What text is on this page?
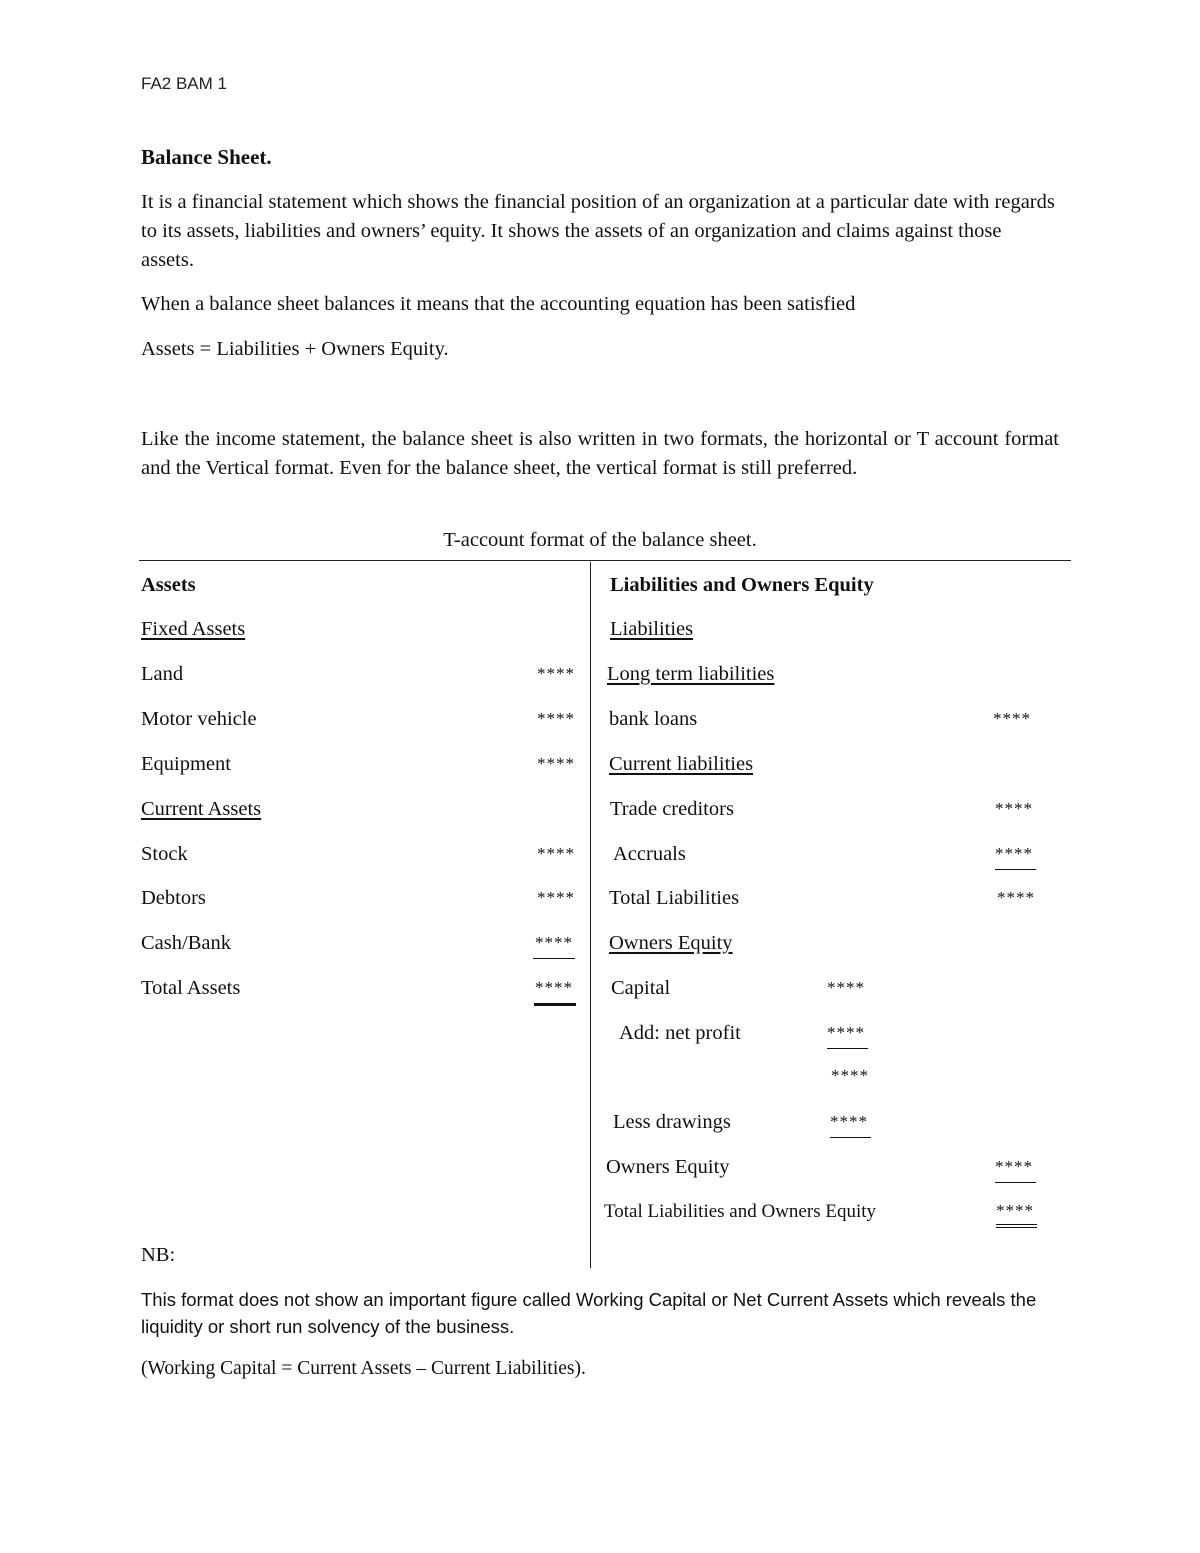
FA2 BAM 1
Balance Sheet.
It is a financial statement which shows the financial position of an organization at a particular date with regards to its assets, liabilities and owners’ equity. It shows the assets of an organization and claims against those assets.
When a balance sheet balances it means that the accounting equation has been satisfied
Assets = Liabilities + Owners Equity.
Like the income statement, the balance sheet is also written in two formats, the horizontal or T account format and the Vertical format. Even for the balance sheet, the vertical format is still preferred.
T-account format of the balance sheet.
Assets
Fixed Assets
Land	****
Motor vehicle	****
Equipment	****
Current Assets
Stock	****
Debtors	****
Cash/Bank	****
Total Assets	****
Liabilities and Owners Equity
Liabilities
Long term liabilities
bank loans	****
Current liabilities
Trade creditors	****
Accruals	****
Total Liabilities	****
Owners Equity
Capital	****
Add: net profit	****
****
Less drawings	****
Owners Equity	****
Total Liabilities and Owners Equity	****
NB:
This format does not show an important figure called Working Capital or Net Current Assets which reveals the liquidity or short run solvency of the business.
(Working Capital = Current Assets – Current Liabilities).
